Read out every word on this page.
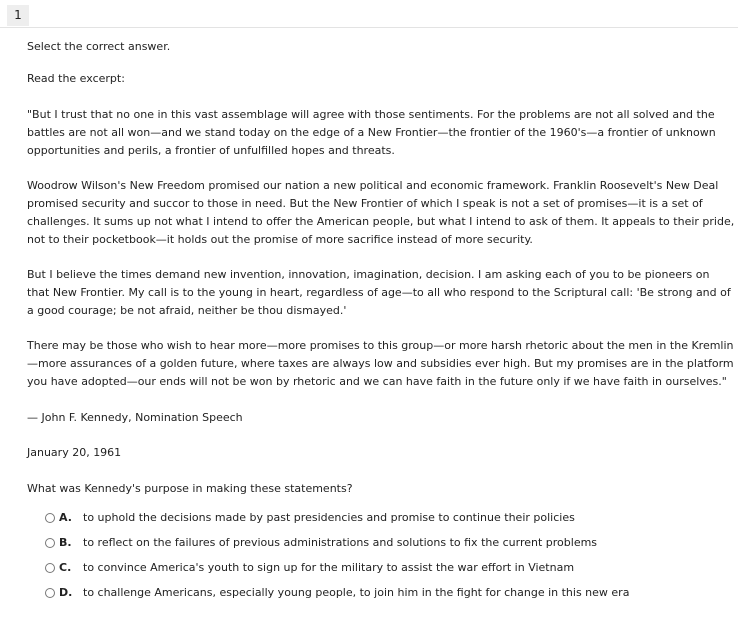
1

Select the correct answer.

Read the excerpt:

"But I trust that no one in this vast assemblage will agree with those sentiments. For the problems are not all solved and the battles are not all won—and we stand today on the edge of a New Frontier—the frontier of the 1960's—a frontier of unknown opportunities and perils, a frontier of unfulfilled hopes and threats.

Woodrow Wilson's New Freedom promised our nation a new political and economic framework. Franklin Roosevelt's New Deal promised security and succor to those in need. But the New Frontier of which I speak is not a set of promises—it is a set of challenges. It sums up not what I intend to offer the American people, but what I intend to ask of them. It appeals to their pride, not to their pocketbook—it holds out the promise of more sacrifice instead of more security.

But I believe the times demand new invention, innovation, imagination, decision. I am asking each of you to be pioneers on that New Frontier. My call is to the young in heart, regardless of age—to all who respond to the Scriptural call: 'Be strong and of a good courage; be not afraid, neither be thou dismayed.'

There may be those who wish to hear more—more promises to this group—or more harsh rhetoric about the men in the Kremlin—more assurances of a golden future, where taxes are always low and subsidies ever high. But my promises are in the platform you have adopted—our ends will not be won by rhetoric and we can have faith in the future only if we have faith in ourselves."

— John F. Kennedy, Nomination Speech

January 20, 1961

What was Kennedy's purpose in making these statements?

A. to uphold the decisions made by past presidencies and promise to continue their policies
B. to reflect on the failures of previous administrations and solutions to fix the current problems
C. to convince America's youth to sign up for the military to assist the war effort in Vietnam
D. to challenge Americans, especially young people, to join him in the fight for change in this new era
